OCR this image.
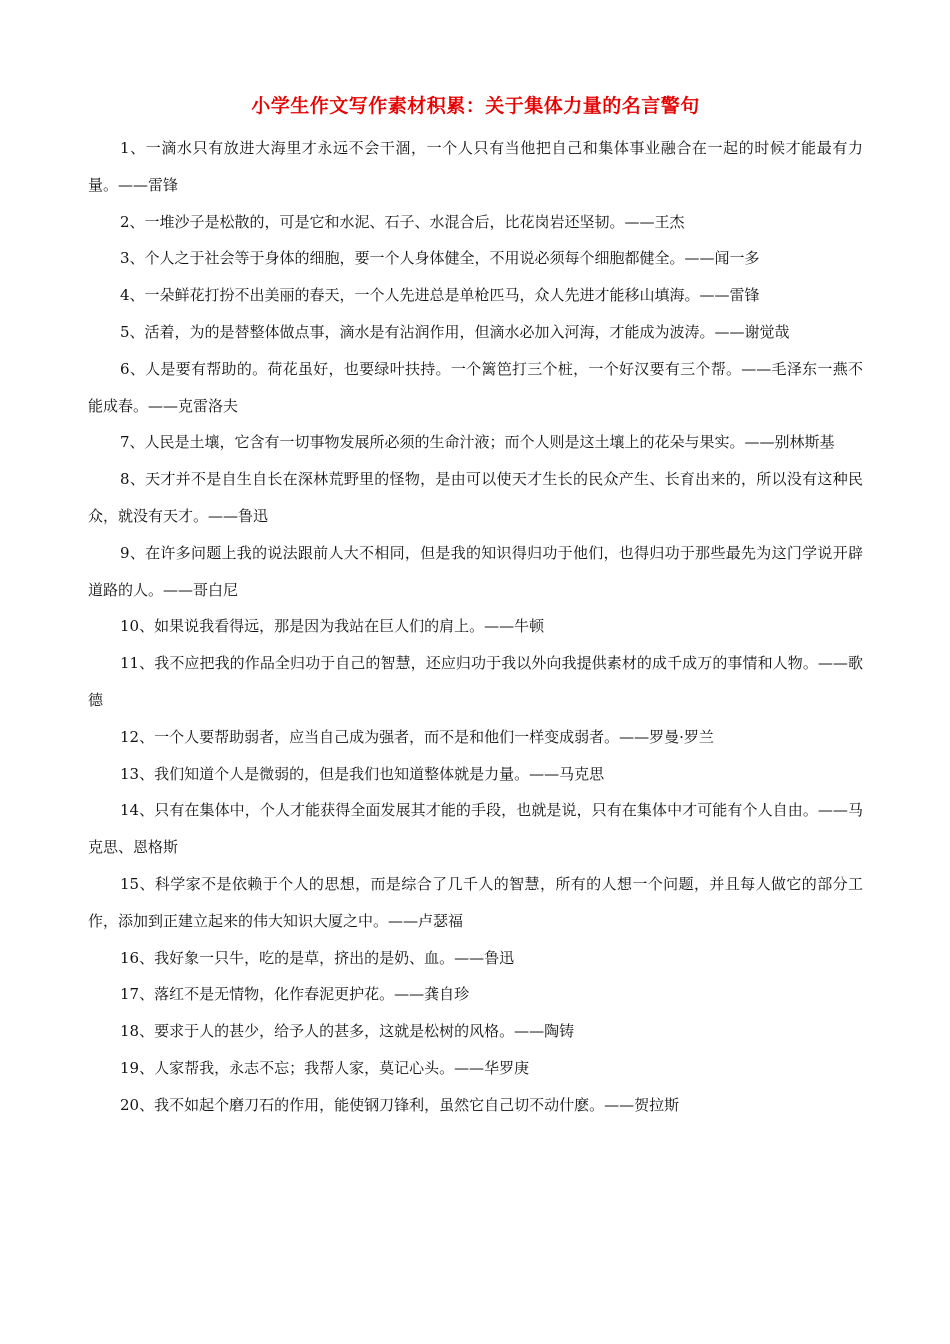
小学生作文写作素材积累：关于集体力量的名言警句
1、一滴水只有放进大海里才永远不会干涸，一个人只有当他把自己和集体事业融合在一起的时候才能最有力量。——雷锋
2、一堆沙子是松散的，可是它和水泥、石子、水混合后，比花岗岩还坚韧。——王杰
3、个人之于社会等于身体的细胞，要一个人身体健全，不用说必须每个细胞都健全。——闻一多
4、一朵鲜花打扮不出美丽的春天，一个人先进总是单枪匹马，众人先进才能移山填海。——雷锋
5、活着，为的是替整体做点事，滴水是有沾润作用，但滴水必加入河海，才能成为波涛。——谢觉哉
6、人是要有帮助的。荷花虽好，也要绿叶扶持。一个篱笆打三个桩，一个好汉要有三个帮。——毛泽东一燕不能成春。——克雷洛夫
7、人民是土壤，它含有一切事物发展所必须的生命汁液；而个人则是这土壤上的花朵与果实。——别林斯基
8、天才并不是自生自长在深林荒野里的怪物，是由可以使天才生长的民众产生、长育出来的，所以没有这种民众，就没有天才。——鲁迅
9、在许多问题上我的说法跟前人大不相同，但是我的知识得归功于他们，也得归功于那些最先为这门学说开辟道路的人。——哥白尼
10、如果说我看得远，那是因为我站在巨人们的肩上。——牛顿
11、我不应把我的作品全归功于自己的智慧，还应归功于我以外向我提供素材的成千成万的事情和人物。——歌德
12、一个人要帮助弱者，应当自己成为强者，而不是和他们一样变成弱者。——罗曼·罗兰
13、我们知道个人是微弱的，但是我们也知道整体就是力量。——马克思
14、只有在集体中，个人才能获得全面发展其才能的手段，也就是说，只有在集体中才可能有个人自由。——马克思、恩格斯
15、科学家不是依赖于个人的思想，而是综合了几千人的智慧，所有的人想一个问题，并且每人做它的部分工作，添加到正建立起来的伟大知识大厦之中。——卢瑟福
16、我好象一只牛，吃的是草，挤出的是奶、血。——鲁迅
17、落红不是无情物，化作春泥更护花。——龚自珍
18、要求于人的甚少，给予人的甚多，这就是松树的风格。——陶铸
19、人家帮我，永志不忘；我帮人家，莫记心头。——华罗庚
20、我不如起个磨刀石的作用，能使钢刀锋利，虽然它自己切不动什麽。——贺拉斯
